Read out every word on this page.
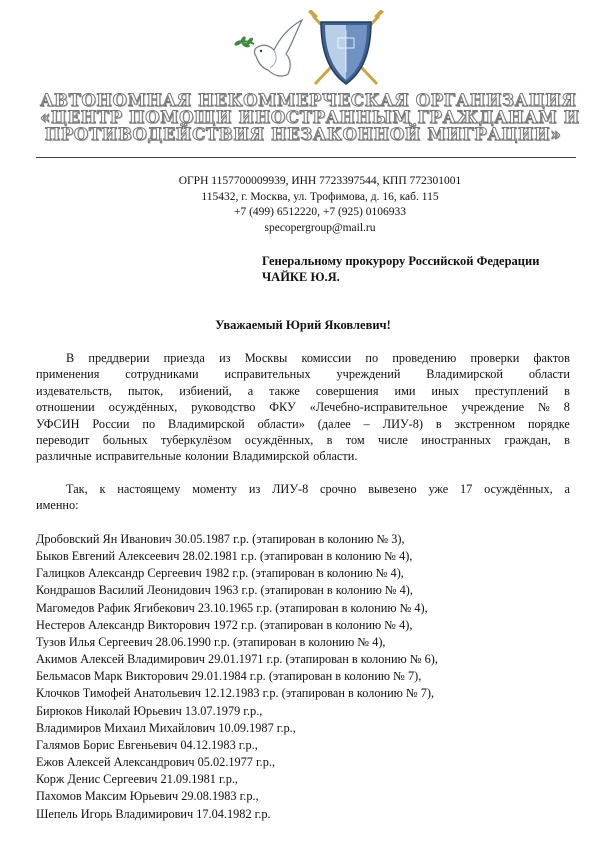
АВТОНОМНАЯ НЕКОММЕРЧЕСКАЯ ОРГАНИЗАЦИЯ
«ЦЕНТР ПОМОЩИ ИНОСТРАННЫМ ГРАЖДАНАМ И
ПРОТИВОДЕЙСТВИЯ НЕЗАКОННОЙ МИГРАЦИИ»
ОГРН 1157700009939, ИНН 7723397544, КПП 772301001
115432, г. Москва, ул. Трофимова, д. 16, каб. 115
+7 (499) 6512220, +7 (925) 0106933
specopergroup@mail.ru
Генеральному прокурору Российской Федерации
ЧАЙКЕ Ю.Я.
Уважаемый Юрий Яковлевич!
В преддверии приезда из Москвы комиссии по проведению проверки фактов
применения сотрудниками исправительных учреждений Владимирской области
издевательств, пыток, избиений, а также совершения ими иных преступлений в
отношении осуждённых, руководство ФКУ «Лечебно-исправительное учреждение № 8
УФСИН России по Владимирской области» (далее – ЛИУ-8) в экстренном порядке
переводит больных туберкулёзом осуждённых, в том числе иностранных граждан, в
различные исправительные колонии Владимирской области.
Так, к настоящему моменту из ЛИУ-8 срочно вывезено уже 17 осуждённых, а
именно:
Дробовский Ян Иванович 30.05.1987 г.р. (этапирован в колонию № 3),
Быков Евгений Алексеевич 28.02.1981 г.р. (этапирован в колонию № 4),
Галицков Александр Сергеевич 1982 г.р. (этапирован в колонию № 4),
Кондрашов Василий Леонидович 1963 г.р. (этапирован в колонию № 4),
Магомедов Рафик Ягибекович 23.10.1965 г.р. (этапирован в колонию № 4),
Нестеров Александр Викторович 1972 г.р. (этапирован в колонию № 4),
Тузов Илья Сергеевич 28.06.1990 г.р. (этапирован в колонию № 4),
Акимов Алексей Владимирович 29.01.1971 г.р. (этапирован в колонию № 6),
Бельмасов Марк Викторович 29.01.1984 г.р. (этапирован в колонию № 7),
Клочков Тимофей Анатольевич 12.12.1983 г.р. (этапирован в колонию № 7),
Бирюков Николай Юрьевич 13.07.1979 г.р.,
Владимиров Михаил Михайлович 10.09.1987 г.р.,
Галямов Борис Евгеньевич 04.12.1983 г.р.,
Ежов Алексей Александрович 05.02.1977 г.р.,
Корж Денис Сергеевич 21.09.1981 г.р.,
Пахомов Максим Юрьевич 29.08.1983 г.р.,
Шепель Игорь Владимирович 17.04.1982 г.р.
